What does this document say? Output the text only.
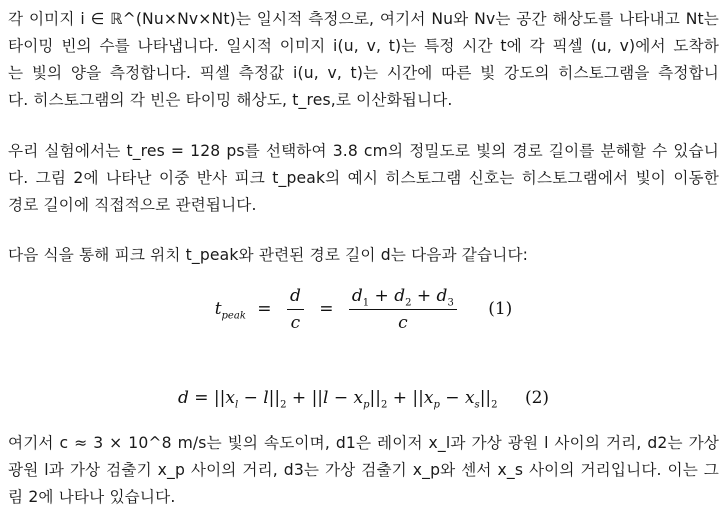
각 이미지 i ∈ ℝ^(Nu×Nv×Nt)는 일시적 측정으로, 여기서 Nu와 Nv는 공간 해상도를 나타내고 Nt는
타이밍 빈의 수를 나타냅니다. 일시적 이미지 i(u, v, t)는 특정 시간 t에 각 픽셀 (u, v)에서 도착하
는 빛의 양을 측정합니다. 픽셀 측정값 i(u, v, t)는 시간에 따른 빛 강도의 히스토그램을 측정합니
다. 히스토그램의 각 빈은 타이밍 해상도, t_res,로 이산화됩니다.
우리 실험에서는 t_res = 128 ps를 선택하여 3.8 cm의 정밀도로 빛의 경로 길이를 분해할 수 있습니
다. 그림 2에 나타난 이중 반사 피크 t_peak의 예시 히스토그램 신호는 히스토그램에서 빛이 이동한
경로 길이에 직접적으로 관련됩니다.
다음 식을 통해 피크 위치 t_peak와 관련된 경로 길이 d는 다음과 같습니다:
$t_{peak} = \frac{d}{c} = \frac{d_1 + d_2 + d_3}{c} (1)$
$d = ||x_l - l||_2 + ||l - x_p||_2 + ||x_p - x_s||_2$ (2)
여기서 c ≈ 3 × 10^8 m/s는 빛의 속도이며, d1은 레이저 x_l과 가상 광원 l 사이의 거리, d2는 가상
광원 l과 가상 검출기 x_p 사이의 거리, d3는 가상 검출기 x_p와 센서 x_s 사이의 거리입니다. 이는 그
림 2에 나타나 있습니다.
